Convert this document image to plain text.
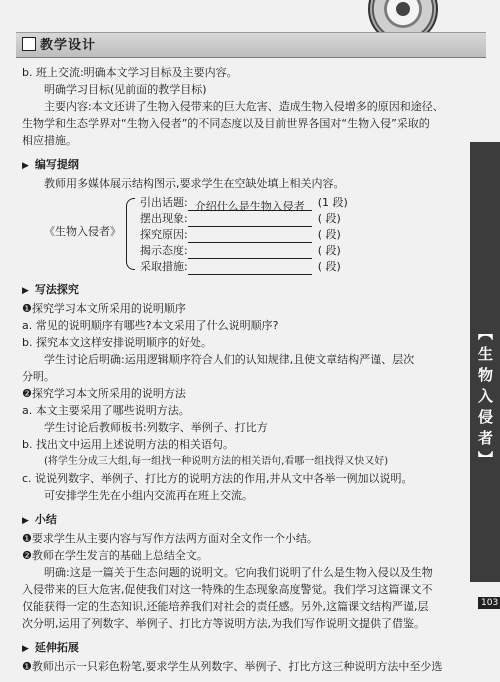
教学设计
【生物入侵者】
103
b. 班上交流:明确本文学习目标及主要内容。
明确学习目标(见前面的教学目标)
主要内容:本文还讲了生物入侵带来的巨大危害、造成生物入侵增多的原因和途径、
生物学和生态学界对“生物入侵者”的不同态度以及目前世界各国对“生物入侵”采取的
相应措施。
▶ 编写提纲
教师用多媒体展示结构图示,要求学生在空缺处填上相关内容。
《生物入侵者》
引出话题: 介绍什么是生物入侵者 (1 段)
摆出现象:	( 段)
探究原因:	( 段)
揭示态度:	( 段)
采取措施:	( 段)
▶ 写法探究
❶探究学习本文所采用的说明顺序
a. 常见的说明顺序有哪些?本文采用了什么说明顺序?
b. 探究本文这样安排说明顺序的好处。
学生讨论后明确:运用逻辑顺序符合人们的认知规律,且使文章结构严谨、层次
分明。
❷探究学习本文所采用的说明方法
a. 本文主要采用了哪些说明方法。
学生讨论后教师板书:列数字、举例子、打比方
b. 找出文中运用上述说明方法的相关语句。
(将学生分成三大组,每一组找一种说明方法的相关语句,看哪一组找得又快又好)
c. 说说列数字、举例子、打比方的说明方法的作用,并从文中各举一例加以说明。
可安排学生先在小组内交流再在班上交流。
▶ 小结
❶要求学生从主要内容与写作方法两方面对全文作一个小结。
❷教师在学生发言的基础上总结全文。
明确:这是一篇关于生态问题的说明文。它向我们说明了什么是生物入侵以及生物
入侵带来的巨大危害,促使我们对这一特殊的生态现象高度警觉。我们学习这篇课文不
仅能获得一定的生态知识,还能培养我们对社会的责任感。另外,这篇课文结构严谨,层
次分明,运用了列数字、举例子、打比方等说明方法,为我们写作说明文提供了借鉴。
▶ 延伸拓展
❶教师出示一只彩色粉笔,要求学生从列数字、举例子、打比方这三种说明方法中至少选
